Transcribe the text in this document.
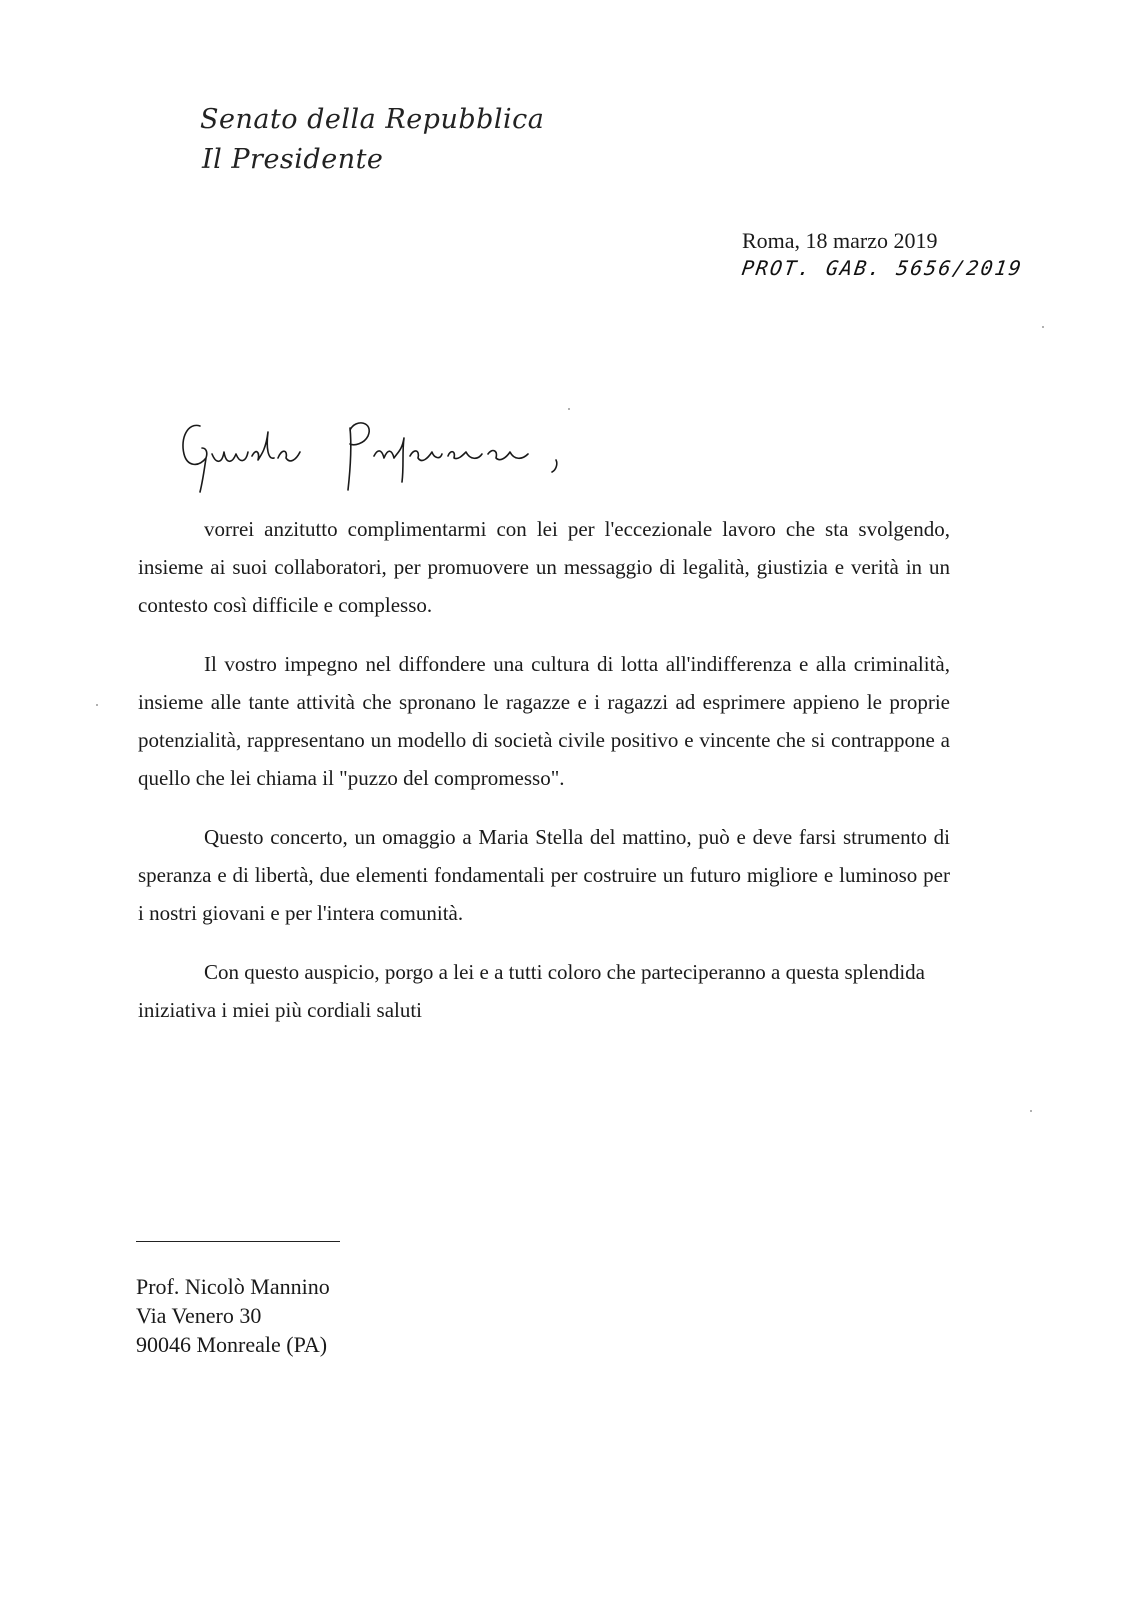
Senato della Repubblica
Il Presidente
Roma, 18 marzo 2019
PROT. GAB. 5656/2019

vorrei anzitutto complimentarmi con lei per l'eccezionale lavoro che sta svolgendo, insieme ai suoi collaboratori, per promuovere un messaggio di legalità, giustizia e verità in un contesto così difficile e complesso.

Il vostro impegno nel diffondere una cultura di lotta all'indifferenza e alla criminalità, insieme alle tante attività che spronano le ragazze e i ragazzi ad esprimere appieno le proprie potenzialità, rappresentano un modello di società civile positivo e vincente che si contrappone a quello che lei chiama il "puzzo del compromesso".

Questo concerto, un omaggio a Maria Stella del mattino, può e deve farsi strumento di speranza e di libertà, due elementi fondamentali per costruire un futuro migliore e luminoso per i nostri giovani e per l'intera comunità.

Con questo auspicio, porgo a lei e a tutti coloro che parteciperanno a questa splendida iniziativa i miei più cordiali saluti

Prof. Nicolò Mannino
Via Venero 30
90046 Monreale (PA)
